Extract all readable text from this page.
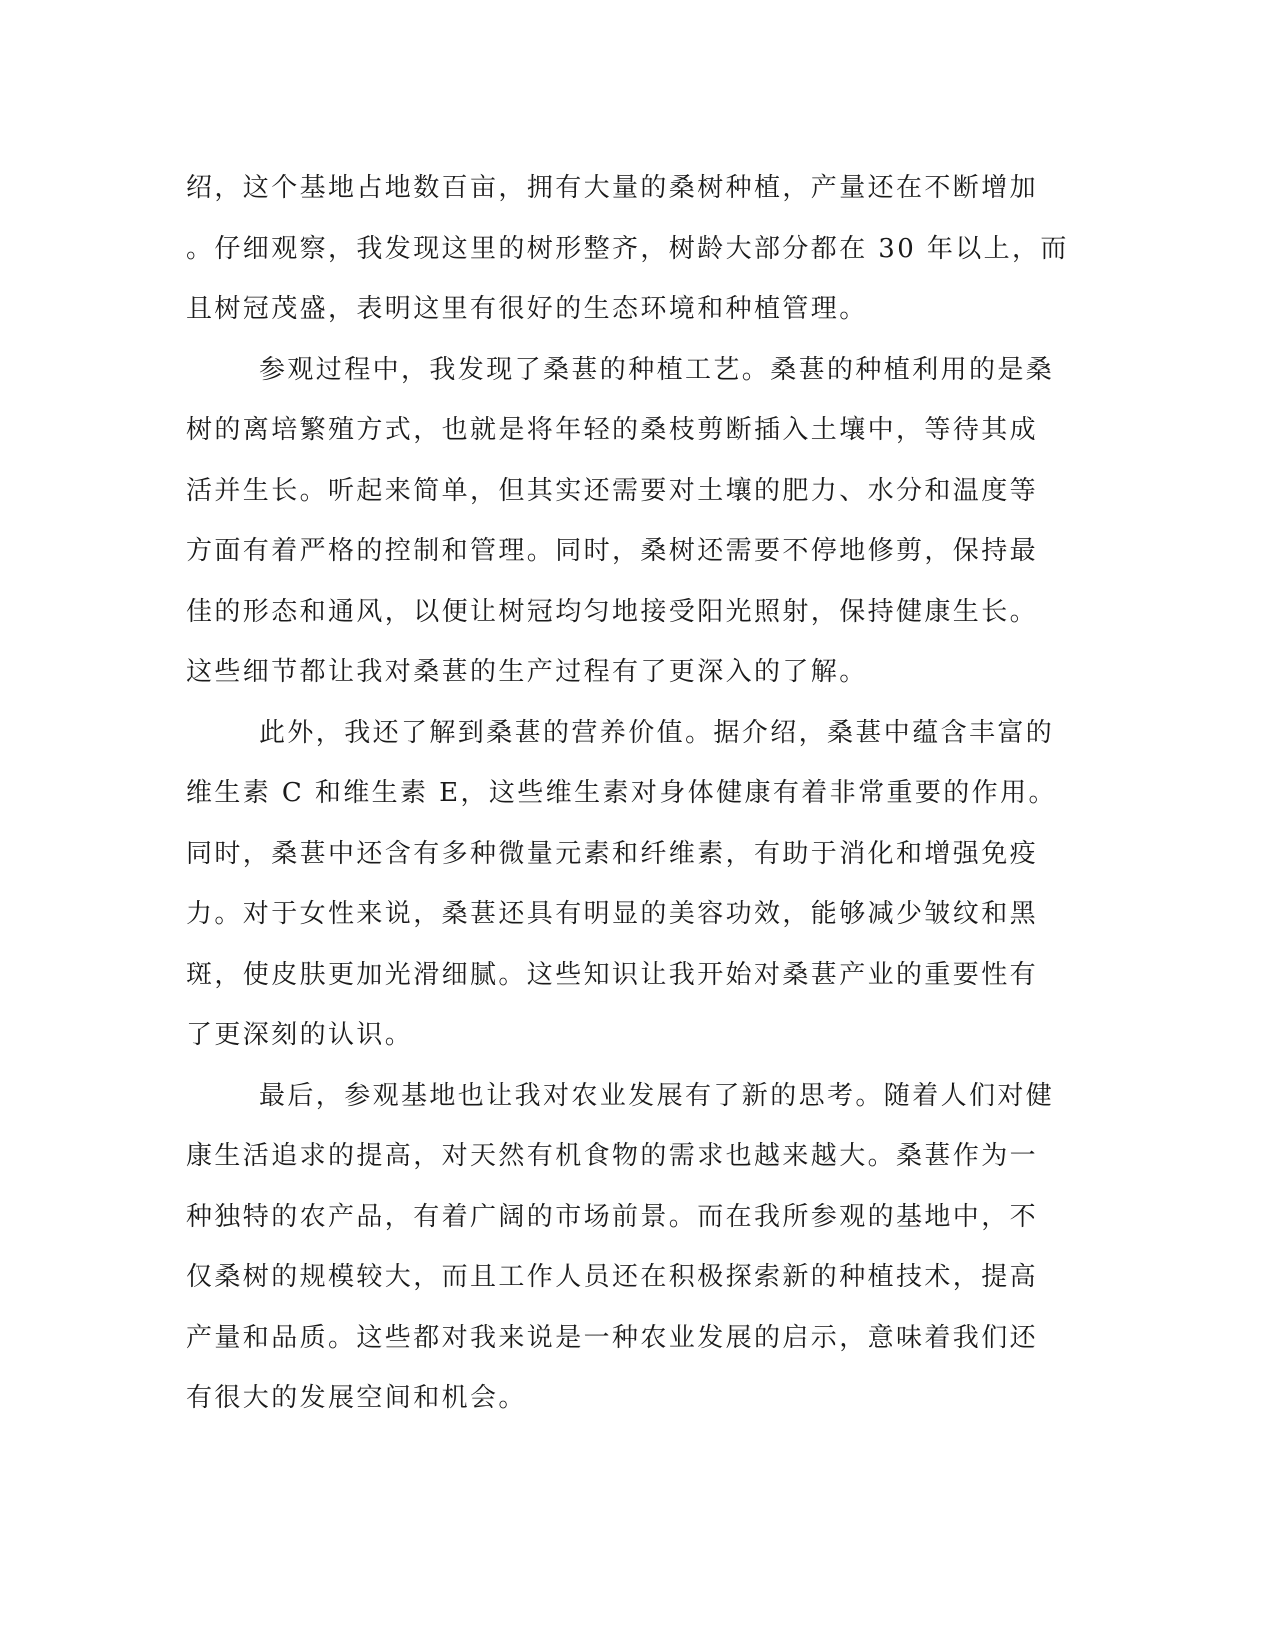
绍，这个基地占地数百亩，拥有大量的桑树种植，产量还在不断增加
。仔细观察，我发现这里的树形整齐，树龄大部分都在 30 年以上，而
且树冠茂盛，表明这里有很好的生态环境和种植管理。
参观过程中，我发现了桑葚的种植工艺。桑葚的种植利用的是桑
树的离培繁殖方式，也就是将年轻的桑枝剪断插入土壤中，等待其成
活并生长。听起来简单，但其实还需要对土壤的肥力、水分和温度等
方面有着严格的控制和管理。同时，桑树还需要不停地修剪，保持最
佳的形态和通风，以便让树冠均匀地接受阳光照射，保持健康生长。
这些细节都让我对桑葚的生产过程有了更深入的了解。
此外，我还了解到桑葚的营养价值。据介绍，桑葚中蕴含丰富的
维生素 C 和维生素 E，这些维生素对身体健康有着非常重要的作用。
同时，桑葚中还含有多种微量元素和纤维素，有助于消化和增强免疫
力。对于女性来说，桑葚还具有明显的美容功效，能够减少皱纹和黑
斑，使皮肤更加光滑细腻。这些知识让我开始对桑葚产业的重要性有
了更深刻的认识。
最后，参观基地也让我对农业发展有了新的思考。随着人们对健
康生活追求的提高，对天然有机食物的需求也越来越大。桑葚作为一
种独特的农产品，有着广阔的市场前景。而在我所参观的基地中，不
仅桑树的规模较大，而且工作人员还在积极探索新的种植技术，提高
产量和品质。这些都对我来说是一种农业发展的启示，意味着我们还
有很大的发展空间和机会。
